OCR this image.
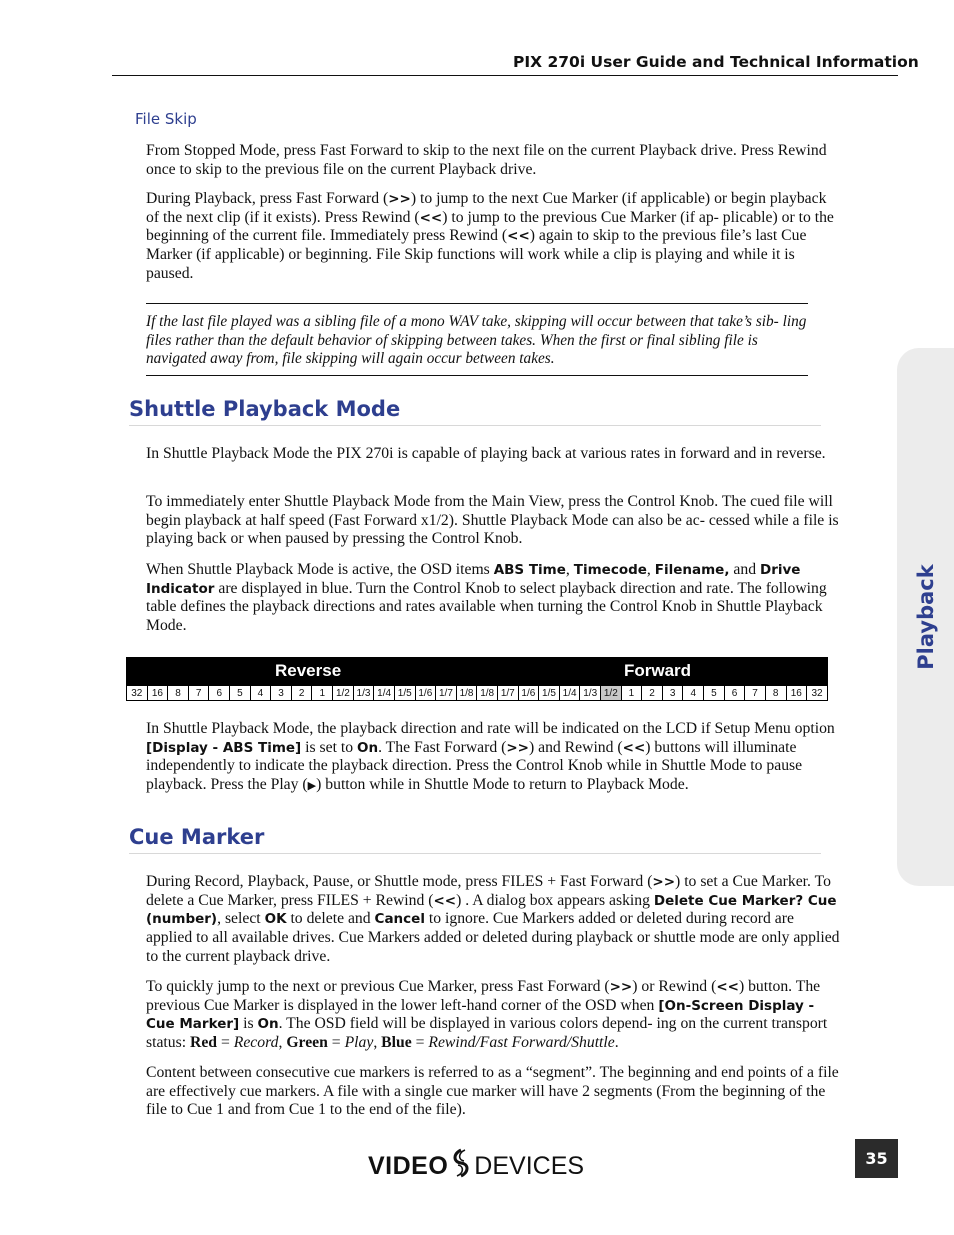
PIX 270i User Guide and Technical Information
File Skip
From Stopped Mode, press Fast Forward to skip to the next file on the current Playback drive. Press Rewind once to skip to the previous file on the current Playback drive.
During Playback, press Fast Forward (>>) to jump to the next Cue Marker (if applicable) or begin playback of the next clip (if it exists). Press Rewind (<<) to jump to the previous Cue Marker (if ap- plicable) or to the beginning of the current file. Immediately press Rewind (<<) again to skip to the previous file’s last Cue Marker (if applicable) or beginning. File Skip functions will work while a clip is playing and while it is paused.
If the last file played was a sibling file of a mono WAV take, skipping will occur between that take’s sib- ling files rather than the default behavior of skipping between takes. When the first or final sibling file is navigated away from, file skipping will again occur between takes.
Shuttle Playback Mode
In Shuttle Playback Mode the PIX 270i is capable of playing back at various rates in forward and in reverse.
To immediately enter Shuttle Playback Mode from the Main View, press the Control Knob. The cued file will begin playback at half speed (Fast Forward x1/2). Shuttle Playback Mode can also be ac- cessed while a file is playing back or when paused by pressing the Control Knob.
When Shuttle Playback Mode is active, the OSD items ABS Time, Timecode, Filename, and Drive Indicator are displayed in blue. Turn the Control Knob to select playback direction and rate. The following table defines the playback directions and rates available when turning the Control Knob in Shuttle Playback Mode.
Reverse	Forward
32	16	8	7	6	5	4	3	2	1	1/2	1/3	1/4	1/5	1/6	1/7	1/8	1/8	1/7	1/6	1/5	1/4	1/3	1/2	1	2	3	4	5	6	7	8	16	32
In Shuttle Playback Mode, the playback direction and rate will be indicated on the LCD if Setup Menu option [Display - ABS Time] is set to On. The Fast Forward (>>) and Rewind (<<) buttons will illuminate independently to indicate the playback direction. Press the Control Knob while in Shuttle Mode to pause playback. Press the Play (▶) button while in Shuttle Mode to return to Playback Mode.
Cue Marker
During Record, Playback, Pause, or Shuttle mode, press FILES + Fast Forward (>>) to set a Cue Marker. To delete a Cue Marker, press FILES + Rewind (<<) . A dialog box appears asking Delete Cue Marker? Cue (number), select OK to delete and Cancel to ignore. Cue Markers added or deleted during record are applied to all available drives. Cue Markers added or deleted during playback or shuttle mode are only applied to the current playback drive.
To quickly jump to the next or previous Cue Marker, press Fast Forward (>>) or Rewind (<<) button. The previous Cue Marker is displayed in the lower left-hand corner of the OSD when [On-Screen Display - Cue Marker] is On. The OSD field will be displayed in various colors depend- ing on the current transport status: Red = Record, Green = Play, Blue = Rewind/Fast Forward/Shuttle.
Content between consecutive cue markers is referred to as a “segment”. The beginning and end points of a file are effectively cue markers. A file with a single cue marker will have 2 segments (From the beginning of the file to Cue 1 and from Cue 1 to the end of the file).
Playback
VIDEO DEVICES	35
